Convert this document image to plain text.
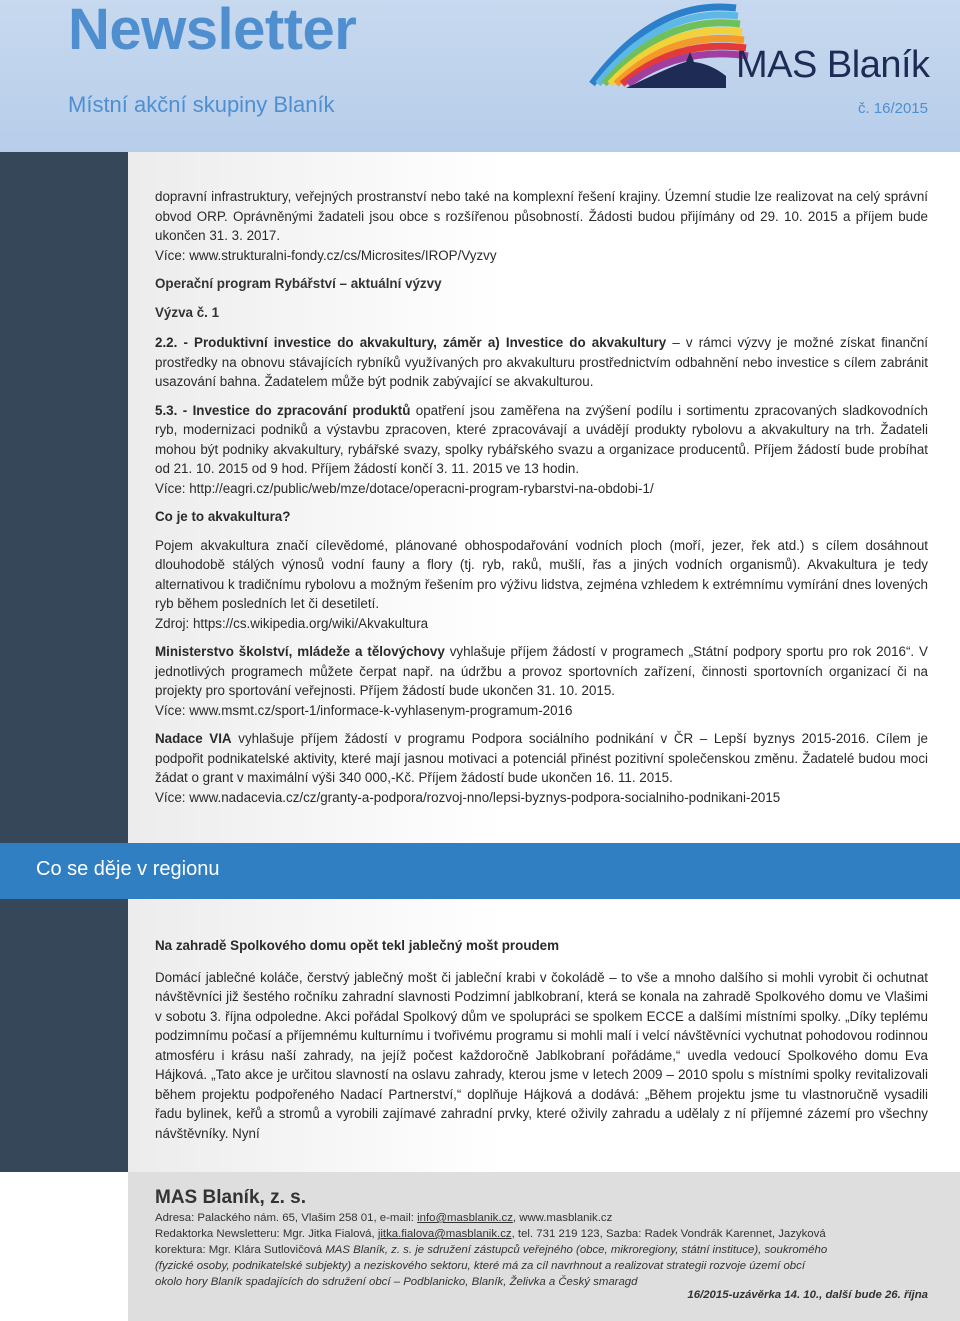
Newsletter
Místní akční skupiny Blaník	č. 16/2015
MAS Blaník

dopravní infrastruktury, veřejných prostranství nebo také na komplexní řešení krajiny. Územní studie lze realizovat na celý správní obvod ORP. Oprávněnými žadateli jsou obce s rozšířenou působností. Žádosti budou přijímány od 29. 10. 2015 a příjem bude ukončen 31. 3. 2017.

Více: www.strukturalni-fondy.cz/cs/Microsites/IROP/Vyzvy

Operační program Rybářství – aktuální výzvy

Výzva č. 1

2.2. - Produktivní investice do akvakultury, záměr a) Investice do akvakultury – v rámci výzvy je možné získat finanční prostředky na obnovu stávajících rybníků využívaných pro akvakulturu prostřednictvím odbahnění nebo investice s cílem zabránit usazování bahna. Žadatelem může být podnik zabývající se akvakulturou.

5.3. - Investice do zpracování produktů opatření jsou zaměřena na zvýšení podílu i sortimentu zpracovaných sladkovodních ryb, modernizaci podniků a výstavbu zpracoven, které zpracovávají a uvádějí produkty rybolovu a akvakultury na trh. Žadateli mohou být podniky akvakultury, rybářské svazy, spolky rybářského svazu a organizace producentů. Příjem žádostí bude probíhat od 21. 10. 2015 od 9 hod. Příjem žádostí končí 3. 11. 2015 ve 13 hodin.

Více: http://eagri.cz/public/web/mze/dotace/operacni-program-rybarstvi-na-obdobi-1/

Co je to akvakultura?

Pojem akvakultura značí cílevědomé, plánované obhospodařování vodních ploch (moří, jezer, řek atd.) s cílem dosáhnout dlouhodobě stálých výnosů vodní fauny a flory (tj. ryb, raků, mušlí, řas a jiných vodních organismů). Akvakultura je tedy alternativou k tradičnímu rybolovu a možným řešením pro výživu lidstva, zejména vzhledem k extrémnímu vymírání dnes lovených ryb během posledních let či desetiletí.

Zdroj: https://cs.wikipedia.org/wiki/Akvakultura

Ministerstvo školství, mládeže a tělovýchovy vyhlašuje příjem žádostí v programech „Státní podpory sportu pro rok 2016“. V jednotlivých programech můžete čerpat např. na údržbu a provoz sportovních zařízení, činnosti sportovních organizací či na projekty pro sportování veřejnosti. Příjem žádostí bude ukončen 31. 10. 2015.

Více: www.msmt.cz/sport-1/informace-k-vyhlasenym-programum-2016

Nadace VIA vyhlašuje příjem žádostí v programu Podpora sociálního podnikání v ČR – Lepší byznys 2015-2016. Cílem je podpořit podnikatelské aktivity, které mají jasnou motivaci a potenciál přinést pozitivní společenskou změnu. Žadatelé budou moci žádat o grant v maximální výši 340 000,-Kč. Příjem žádostí bude ukončen 16. 11. 2015.

Více: www.nadacevia.cz/cz/granty-a-podpora/rozvoj-nno/lepsi-byznys-podpora-socialniho-podnikani-2015

Co se děje v regionu

Na zahradě Spolkového domu opět tekl jablečný mošt proudem

Domácí jablečné koláče, čerstvý jablečný mošt či jableční krabi v čokoládě – to vše a mnoho dalšího si mohli vyrobit či ochutnat návštěvníci již šestého ročníku zahradní slavnosti Podzimní jablkobraní, která se konala na zahradě Spolkového domu ve Vlašimi v sobotu 3. října odpoledne. Akci pořádal Spolkový dům ve spolupráci se spolkem ECCE a dalšími místními spolky. „Díky teplému podzimnímu počasí a příjemnému kulturnímu i tvořivému programu si mohli malí i velcí návštěvníci vychutnat pohodovou rodinnou atmosféru i krásu naší zahrady, na jejíž počest každoročně Jablkobraní pořádáme,“ uvedla vedoucí Spolkového domu Eva Hájková. „Tato akce je určitou slavností na oslavu zahrady, kterou jsme v letech 2009 – 2010 spolu s místními spolky revitalizovali během projektu podpořeného Nadací Partnerství,“ doplňuje Hájková a dodává: „Během projektu jsme tu vlastnoručně vysadili řadu bylinek, keřů a stromů a vyrobili zajímavé zahradní prvky, které oživily zahradu a udělaly z ní příjemné zázemí pro všechny návštěvníky. Nyní

MAS Blaník, z. s.
Adresa: Palackého nám. 65, Vlašim 258 01, e-mail: info@masblanik.cz, www.masblanik.cz
Redaktorka Newsletteru: Mgr. Jitka Fialová, jitka.fialova@masblanik.cz, tel. 731 219 123, Sazba: Radek Vondrák Karennet, Jazyková
korektura: Mgr. Klára Sutlovičová MAS Blaník, z. s. je sdružení zástupců veřejného (obce, mikroregiony, státní instituce), soukromého
(fyzické osoby, podnikatelské subjekty) a neziskového sektoru, které má za cíl navrhnout a realizovat strategii rozvoje území obcí
okolo hory Blaník spadajících do sdružení obcí – Podblanicko, Blaník, Želivka a Český smaragd
16/2015-uzávěrka 14. 10., další bude 26. října
